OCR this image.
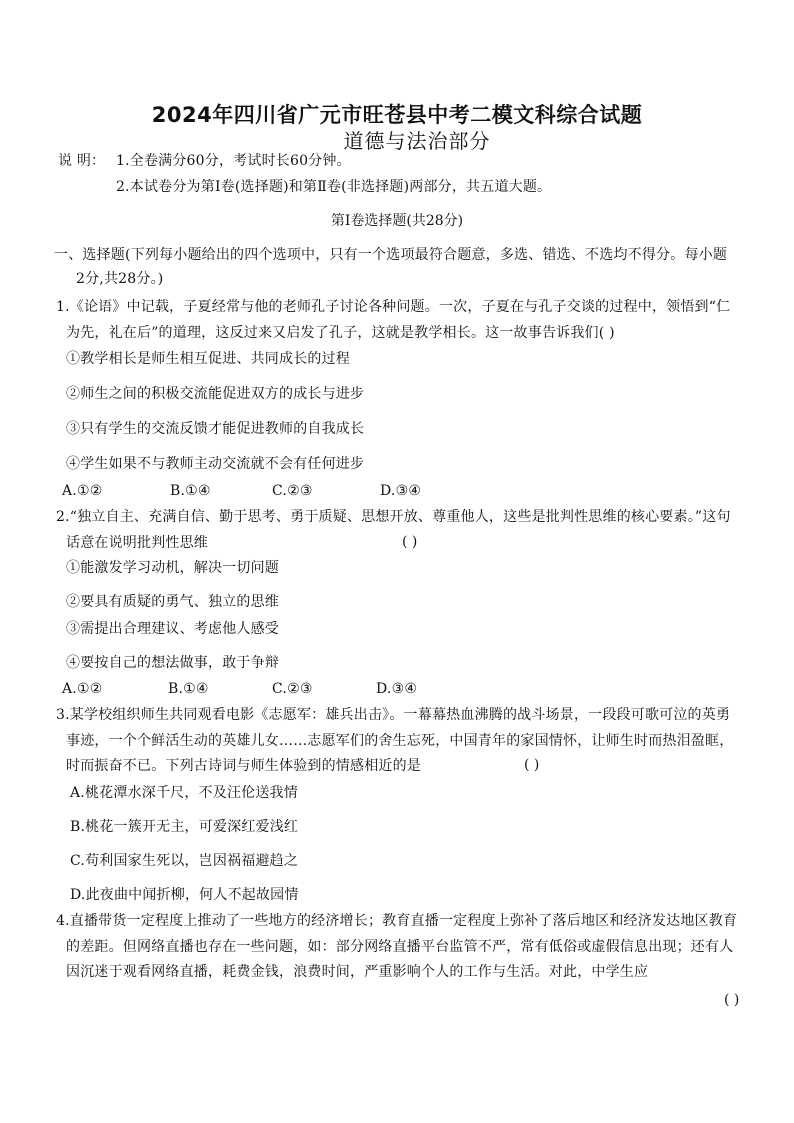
2024年四川省广元市旺苍县中考二模文科综合试题
道德与法治部分
说 明： 1.全卷满分60分，考试时长60分钟。
2.本试卷分为第Ⅰ卷(选择题)和第Ⅱ卷(非选择题)两部分，共五道大题。
第Ⅰ卷选择题(共28分)
一、选择题(下列每小题给出的四个选项中，只有一个选项最符合题意，多选、错选、不选均不得分。每小题
2分,共28分。)
1.《论语》中记载，子夏经常与他的老师孔子讨论各种问题。一次，子夏在与孔子交谈的过程中，领悟到“仁
为先，礼在后”的道理，这反过来又启发了孔子，这就是教学相长。这一故事告诉我们( )
①教学相长是师生相互促进、共同成长的过程
②师生之间的积极交流能促进双方的成长与进步
③只有学生的交流反馈才能促进教师的自我成长
④学生如果不与教师主动交流就不会有任何进步
A.①②	B.①④	C.②③	D.③④
2.“独立自主、充满自信、勤于思考、勇于质疑、思想开放、尊重他人，这些是批判性思维的核心要素。”这句
话意在说明批判性思维	( )
①能激发学习动机，解决一切问题
②要具有质疑的勇气、独立的思维
③需提出合理建议、考虑他人感受
④要按自己的想法做事，敢于争辩
A.①②	B.①④	C.②③	D.③④
3.某学校组织师生共同观看电影《志愿军：雄兵出击》。一幕幕热血沸腾的战斗场景，一段段可歌可泣的英勇
事迹，一个个鲜活生动的英雄儿女……志愿军们的舍生忘死，中国青年的家国情怀，让师生时而热泪盈眶，
时而振奋不已。下列古诗词与师生体验到的情感相近的是	( )
A.桃花潭水深千尺，不及汪伦送我情
B.桃花一簇开无主，可爱深红爱浅红
C.苟利国家生死以，岂因祸福避趋之
D.此夜曲中闻折柳，何人不起故园情
4.直播带货一定程度上推动了一些地方的经济增长；教育直播一定程度上弥补了落后地区和经济发达地区教育
的差距。但网络直播也存在一些问题，如：部分网络直播平台监管不严，常有低俗或虚假信息出现；还有人
因沉迷于观看网络直播，耗费金钱，浪费时间，严重影响个人的工作与生活。对此，中学生应
( )
